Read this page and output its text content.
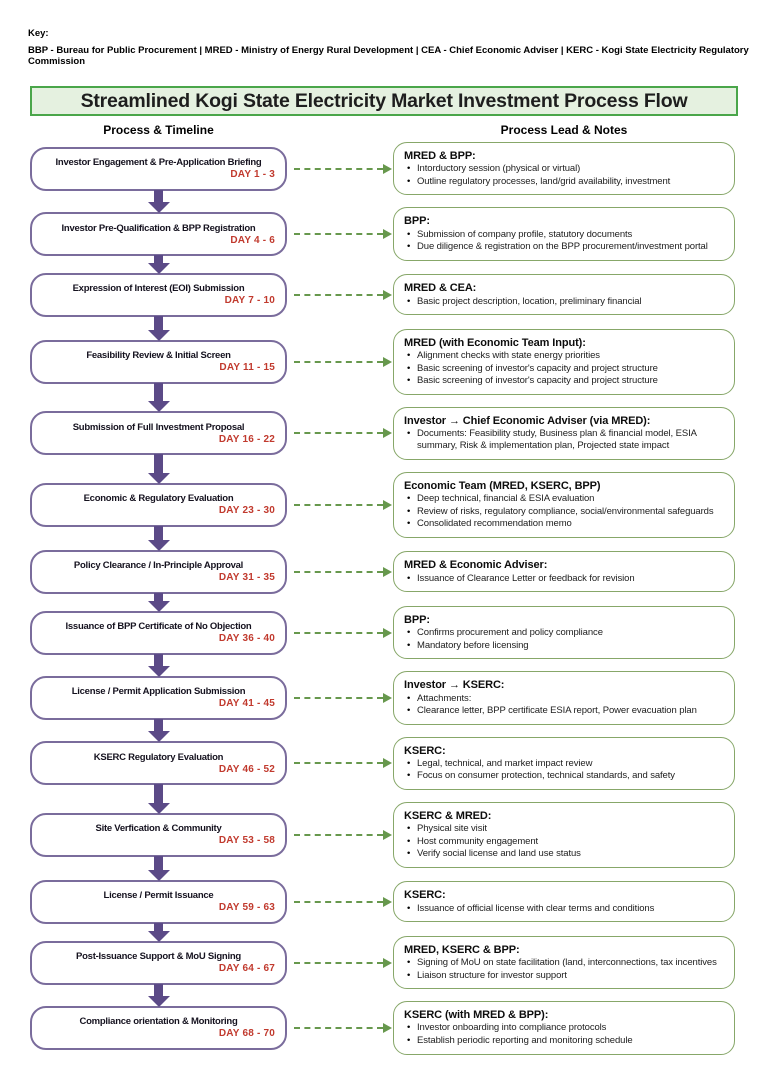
Key:
BBP - Bureau for Public Procurement | MRED - Ministry of Energy Rural Development | CEA - Chief Economic Adviser | KERC - Kogi State Electricity Regulatory Commission
Streamlined Kogi State Electricity Market Investment Process Flow
Process & Timeline	Process Lead & Notes
Investor Engagement & Pre-Application Briefing
DAY 1 - 3
MRED & BPP:
• Intorductory session (physical or virtual)
• Outline regulatory processes, land/grid availability, investment
Investor Pre-Qualification & BPP Registration
DAY 4 - 6
BPP:
• Submission of company profile, statutory documents
• Due diligence & registration on the BPP procurement/investment portal
Expression of Interest (EOI) Submission
DAY 7 - 10
MRED & CEA:
• Basic project description, location, preliminary financial
Feasibility Review & Initial Screen
DAY 11 - 15
MRED (with Economic Team Input):
• Alignment checks with state energy priorities
• Basic screening of investor's capacity and project structure
• Basic screening of investor's capacity and project structure
Submission of Full Investment Proposal
DAY 16 - 22
Investor → Chief Economic Adviser (via MRED):
• Documents: Feasibility study, Business plan & financial model, ESIA summary, Risk & implementation plan, Projected state impact
Economic & Regulatory Evaluation
DAY 23 - 30
Economic Team (MRED, KSERC, BPP)
• Deep technical, financial & ESIA evaluation
• Review of risks, regulatory compliance, social/environmental safeguards
• Consolidated recommendation memo
Policy Clearance / In-Principle Approval
DAY 31 - 35
MRED & Economic Adviser:
• Issuance of Clearance Letter or feedback for revision
Issuance of BPP Certificate of No Objection
DAY 36 - 40
BPP:
• Confirms procurement and policy compliance
• Mandatory before licensing
License / Permit Application Submission
DAY 41 - 45
Investor → KSERC:
• Attachments:
• Clearance letter, BPP certificate ESIA report, Power evacuation plan
KSERC Regulatory Evaluation
DAY 46 - 52
KSERC:
• Legal, technical, and market impact review
• Focus on consumer protection, technical standards, and safety
Site Verfication & Community
DAY 53 - 58
KSERC & MRED:
• Physical site visit
• Host community engagement
• Verify social license and land use status
License / Permit Issuance
DAY 59 - 63
KSERC:
• Issuance of official license with clear terms and conditions
Post-Issuance Support & MoU Signing
DAY 64 - 67
MRED, KSERC & BPP:
• Signing of MoU on state facilitation (land, interconnections, tax incentives
• Liaison structure for investor support
Compliance orientation & Monitoring
DAY 68 - 70
KSERC (with MRED & BPP):
• Investor onboarding into compliance protocols
• Establish periodic reporting and monitoring schedule
